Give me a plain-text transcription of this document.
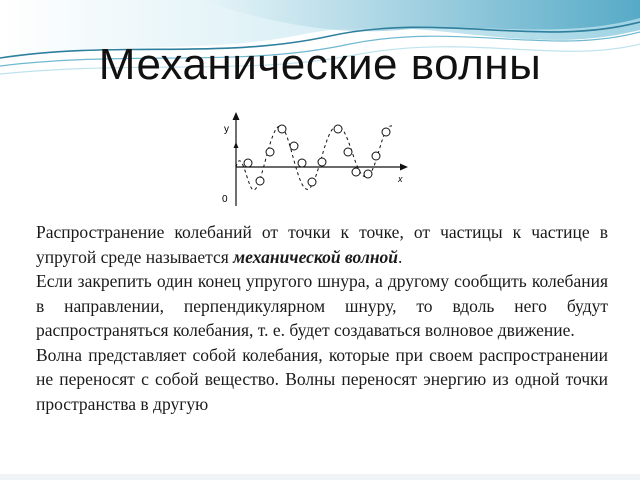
Механические волны
y
0
x

Распространение колебаний от точки к точке, от частицы к частице в упругой среде называется механической волной.

Если закрепить один конец упругого шнура, а другому сообщить колебания в направлении, перпендикулярном шнуру, то вдоль него будут распространяться колебания, т. е. будет создаваться волновое движение.

Волна представляет собой колебания, которые при своем распространении не переносят с собой вещество. Волны переносят энергию из одной точки пространства в другую
